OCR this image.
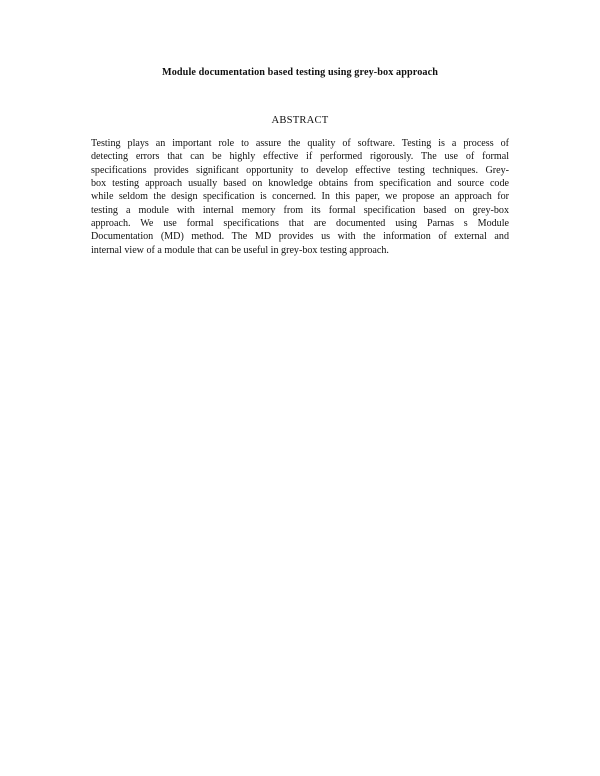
Module documentation based testing using grey-box approach
ABSTRACT
Testing plays an important role to assure the quality of software. Testing is a process of
detecting errors that can be highly effective if performed rigorously. The use of formal
specifications provides significant opportunity to develop effective testing techniques. Grey-
box testing approach usually based on knowledge obtains from specification and source code
while seldom the design specification is concerned. In this paper, we propose an approach for
testing a module with internal memory from its formal specification based on grey-box
approach. We use formal specifications that are documented using Parnas s Module
Documentation (MD) method. The MD provides us with the information of external and
internal view of a module that can be useful in grey-box testing approach.
